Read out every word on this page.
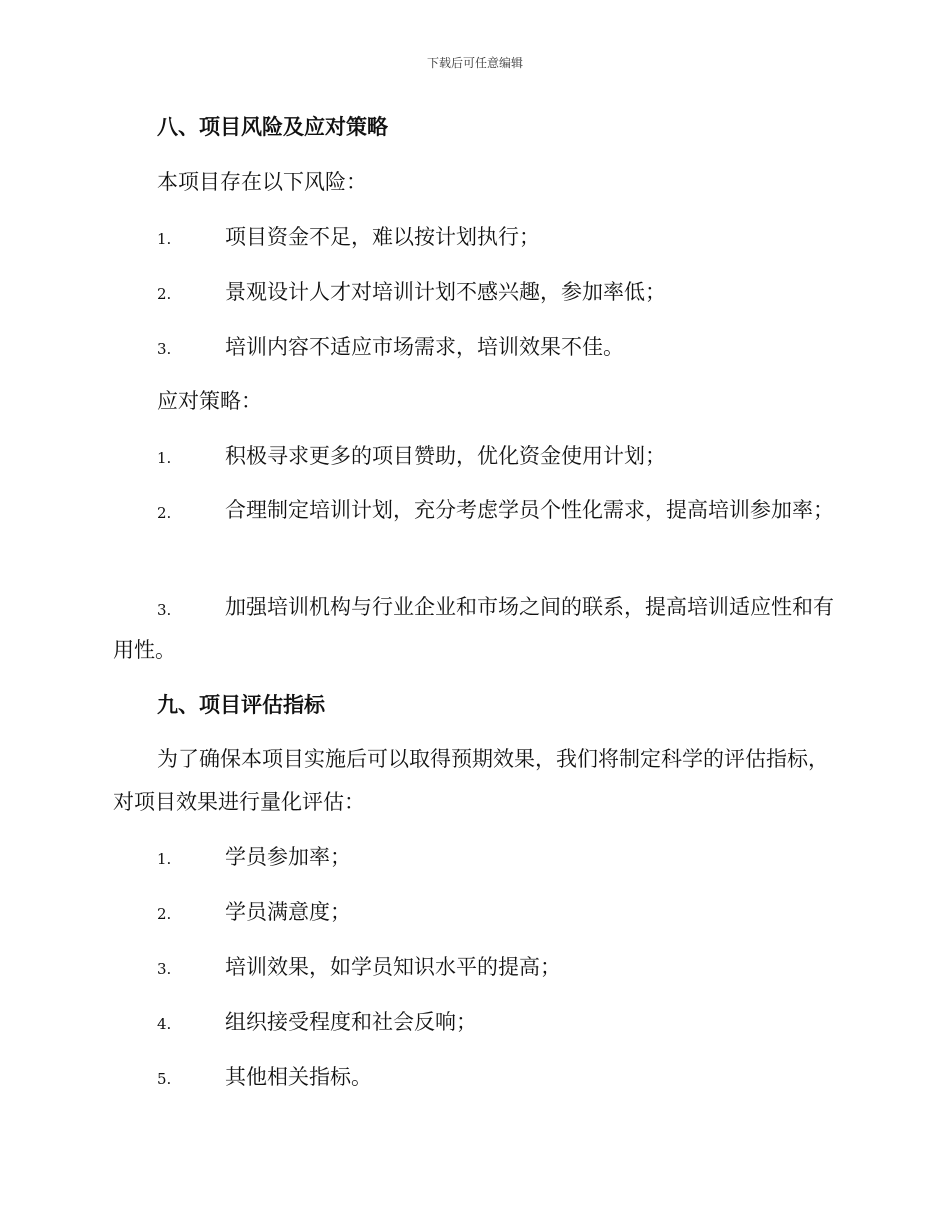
下载后可任意编辑
八、项目风险及应对策略
本项目存在以下风险：
1.	项目资金不足，难以按计划执行；
2.	景观设计人才对培训计划不感兴趣，参加率低；
3.	培训内容不适应市场需求，培训效果不佳。
应对策略：
1.	积极寻求更多的项目赞助，优化资金使用计划；
2.	合理制定培训计划，充分考虑学员个性化需求，提高培训参加率；
3.	加强培训机构与行业企业和市场之间的联系，提高培训适应性和有用性。
九、项目评估指标
为了确保本项目实施后可以取得预期效果，我们将制定科学的评估指标，对项目效果进行量化评估：
1.	学员参加率；
2.	学员满意度；
3.	培训效果，如学员知识水平的提高；
4.	组织接受程度和社会反响；
5.	其他相关指标。
